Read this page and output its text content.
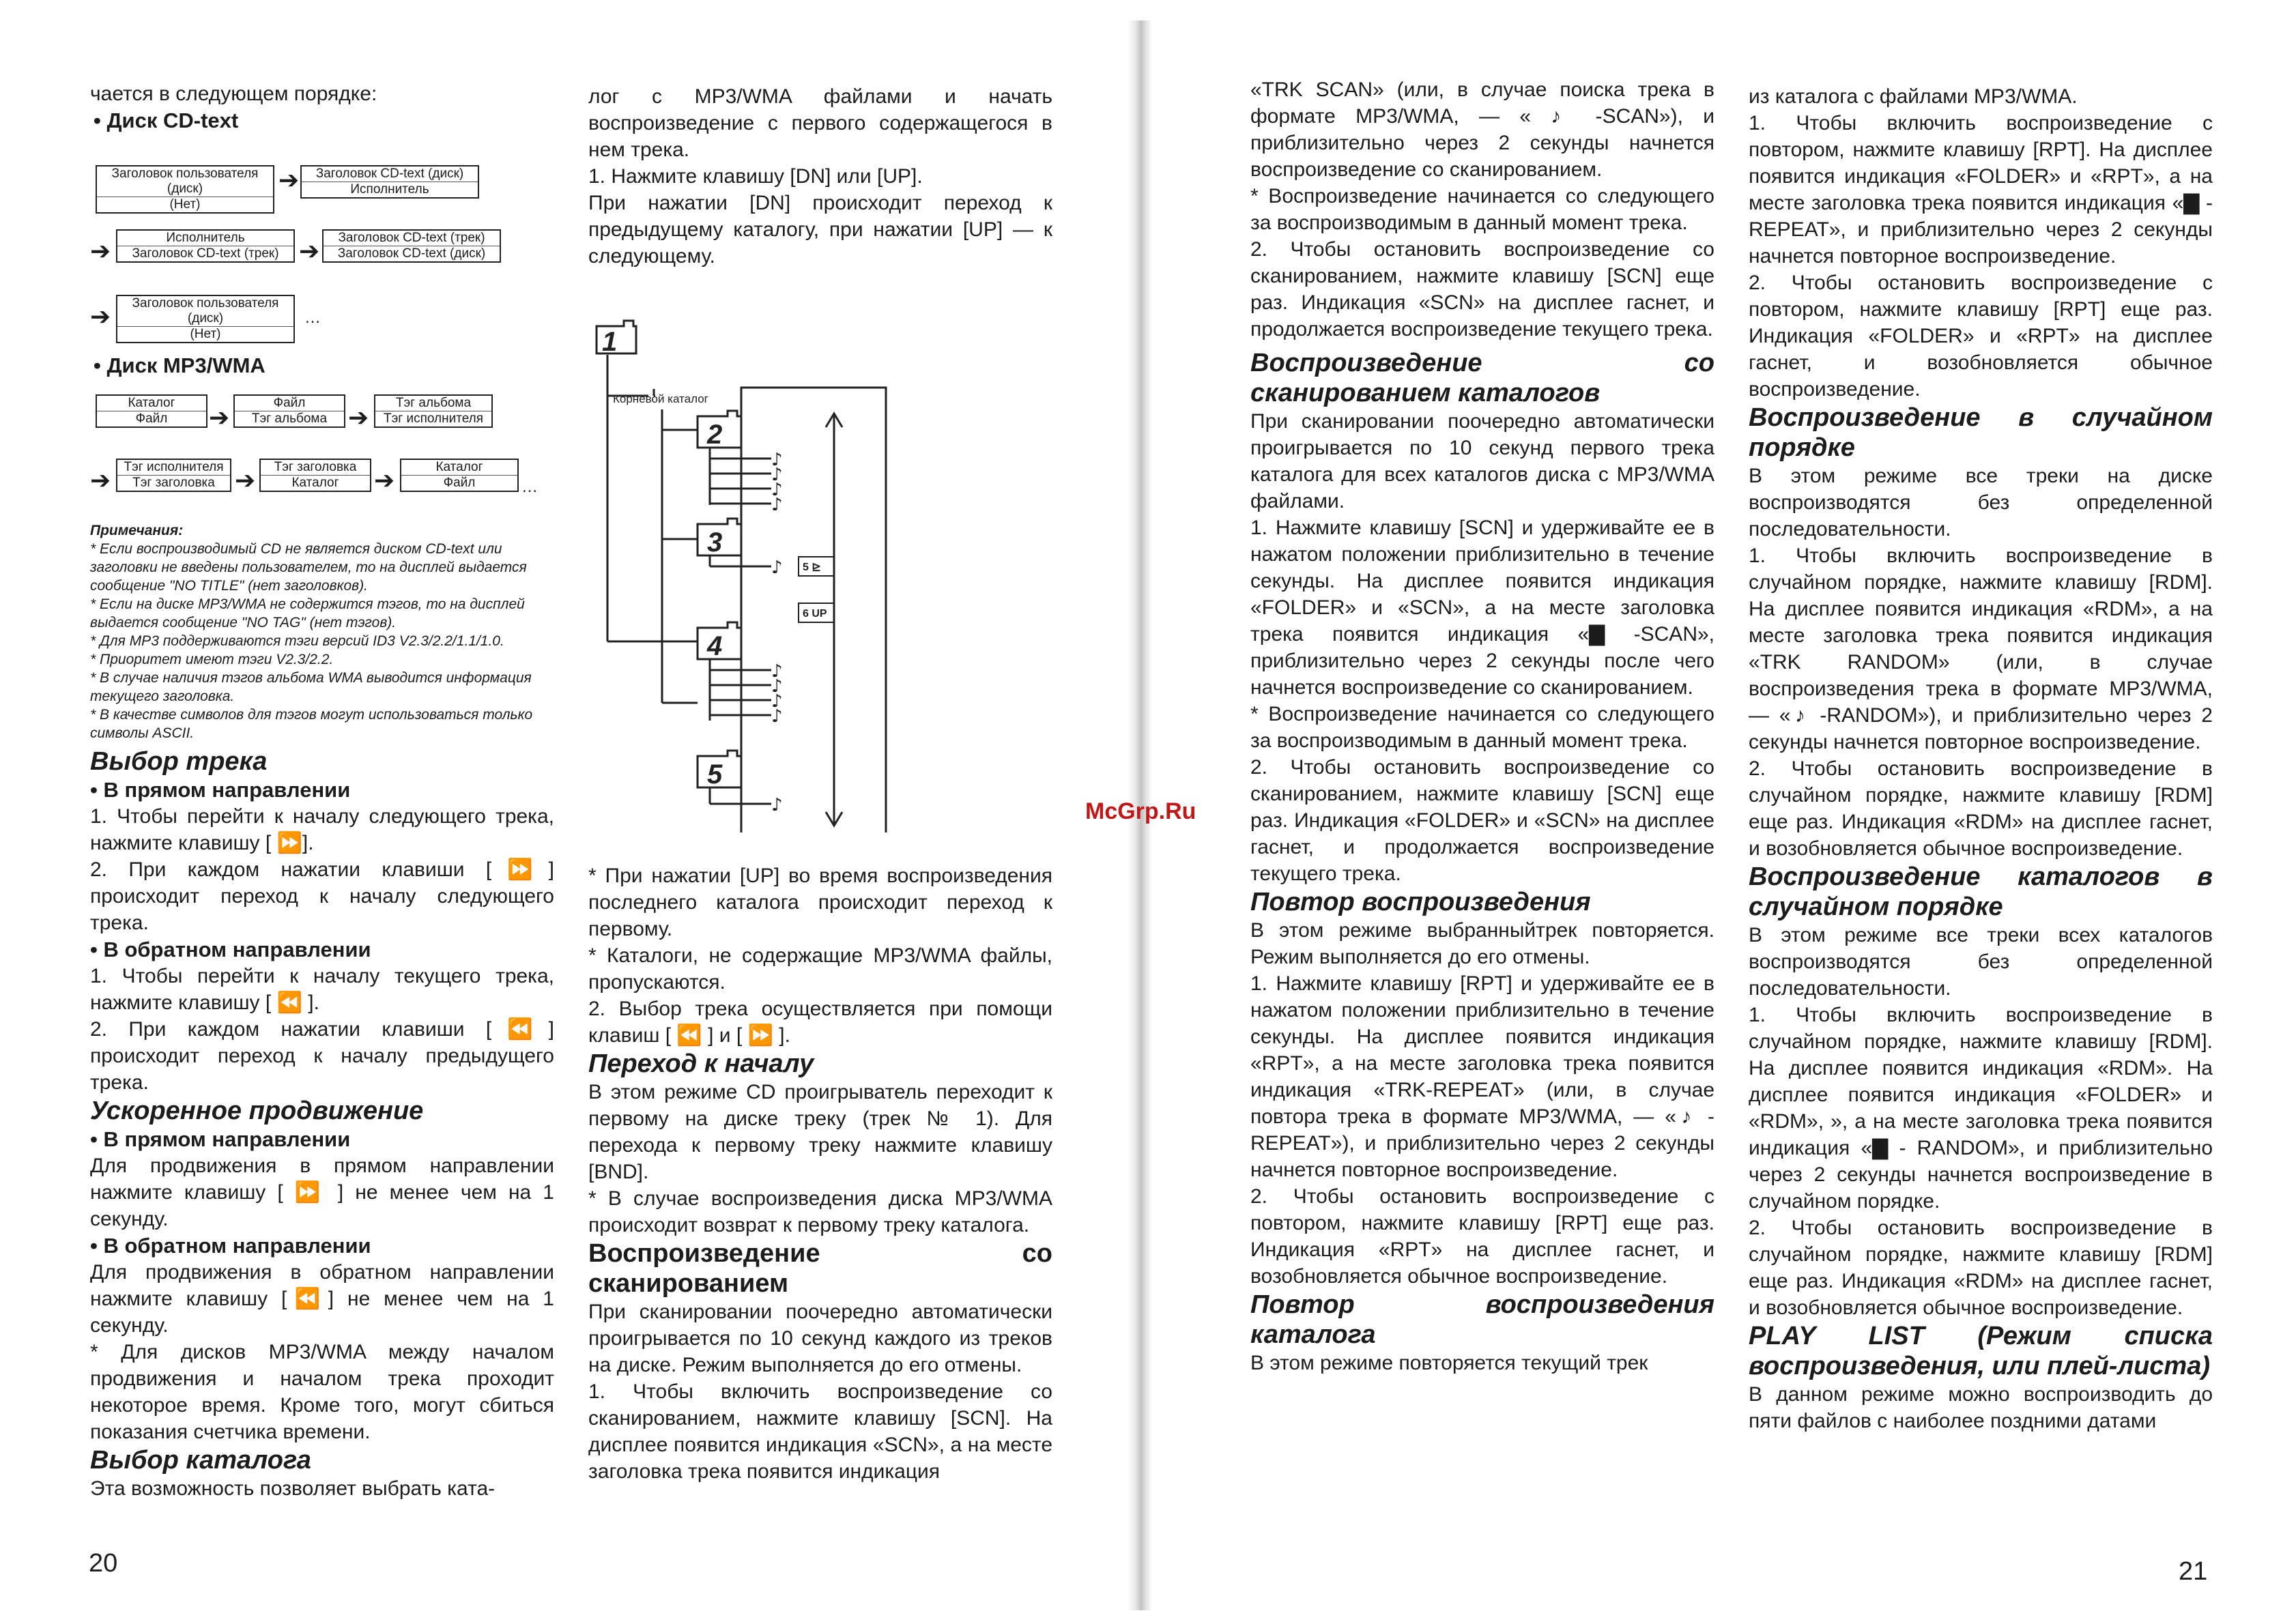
чается в следующем порядке:

• Диск CD-text

Заголовок пользователя (диск)
(Нет)
➔	Заголовок CD-text (диск)
Исполнитель
➔	Исполнитель
Заголовок CD-text (трек) ➔	Заголовок CD-text (трек)
Заголовок CD-text (диск)
➔	Заголовок пользователя (диск)
(Нет)
…

• Диск MP3/WMA

Каталог
Файл	➔
Файл
Тэг альбома ➔
Тэг альбома
Тэг исполнителя
➔	Тэг исполнителя
Тэг заголовка ➔	Тэг заголовка
Каталог	➔	Каталог
Файл	…
Примечания:
* Если воспроизводимый CD не является диском CD-text или заголовки не введены пользователем, то на дисплей выдается сообщение "NO TITLE" (нет заголовков).
* Если на диске MP3/WMA не содержится тэгов, то на дисплей выдается сообщение "NO TAG" (нет тэгов).
* Для MP3 поддерживаются тэги версий ID3 V2.3/2.2/1.1/1.0.
* Приоритет имеют тэги V2.3/2.2.
* В случае наличия тэгов альбома WMA выводится информация текущего заголовка.
* В качестве символов для тэгов могут использоваться только символы ASCII.

Выбор трека

• В прямом направлении

1. Чтобы перейти к началу следующего трека, нажмите клавишу [ ⏩].

2. При каждом нажатии клавиши [⏩] происходит переход к началу следующего трека.

• В обратном направлении

1. Чтобы перейти к началу текущего трека, нажмите клавишу [ ⏪ ].

2. При каждом нажатии клавиши [⏪] происходит переход к началу предыдущего трека.

Ускоренное продвижение

• В прямом направлении

Для продвижения в прямом направлении нажмите клавишу [ ⏩ ] не менее чем на 1 секунду.

• В обратном направлении

Для продвижения в обратном направлении нажмите клавишу [⏪] не менее чем на 1 секунду.

* Для дисков MP3/WMA между началом продвижения и началом трека проходит некоторое время. Кроме того, могут сбиться показания счетчика времени.

Выбор каталога

Эта возможность позволяет выбрать ката-

лог с MP3/WMA файлами и начать воспроизведение с первого содержащегося в нем трека.

1. Нажмите клавишу [DN] или [UP].

При нажатии [DN] происходит переход к предыдущему каталогу, при нажатии [UP] — к следующему.

1
2
3
4
5
Корневой каталог
♪
♪
♪
♪
♪
♪
♪
♪
♪
♪
5 ⊵
6 UP

* При нажатии [UP] во время воспроизведения последнего каталога происходит переход к первому.

* Каталоги, не содержащие MP3/WMA файлы, пропускаются.

2. Выбор трека осуществляется при помощи клавиш [ ⏪ ] и [ ⏩ ].

Переход к началу

В этом режиме CD проигрыватель переходит к первому на диске треку (трек № 1). Для перехода к первому треку нажмите клавишу [BND].

* В случае воспроизведения диска MP3/WMA происходит возврат к первому треку каталога.

Воспроизведение со сканированием

При сканировании поочередно автоматически проигрывается по 10 секунд каждого из треков на диске. Режим выполняется до его отмены.

1. Чтобы включить воспроизведение со сканированием, нажмите клавишу [SCN]. На дисплее появится индикация «SCN», а на месте заголовка трека появится индикация

20
McGrp.Ru

«TRK SCAN» (или, в случае поиска трека в формате MP3/WMA, — « ♪ -SCAN»), и приблизительно через 2 секунды начнется воспроизведение со сканированием.

* Воспроизведение начинается со следующего за воспроизводимым в данный момент трека.

2. Чтобы остановить воспроизведение со сканированием, нажмите клавишу [SCN] еще раз. Индикация «SCN» на дисплее гаснет, и продолжается воспроизведение текущего трека.

Воспроизведение со сканированием каталогов

При сканировании поочередно автоматически проигрывается по 10 секунд первого трека каталога для всех каталогов диска с MP3/WMA файлами.

1. Нажмите клавишу [SCN] и удерживайте ее в нажатом положении приблизительно в течение секунды. На дисплее появится индикация «FOLDER» и «SCN», а на месте заголовка трека появится индикация «▇ -SCAN», приблизительно через 2 секунды после чего начнется воспроизведение со сканированием.

* Воспроизведение начинается со следующего за воспроизводимым в данный момент трека.

2. Чтобы остановить воспроизведение со сканированием, нажмите клавишу [SCN] еще раз. Индикация «FOLDER» и «SCN» на дисплее гаснет, и продолжается воспроизведение текущего трека.

Повтор воспроизведения

В этом режиме выбранныйтрек повторяется. Режим выполняется до его отмены.

1. Нажмите клавишу [RPT] и удерживайте ее в нажатом положении приблизительно в течение секунды. На дисплее появится индикация «RPT», а на месте заголовка трека появится индикация «TRK-REPEAT» (или, в случае повтора трека в формате MP3/WMA, — «♪ -REPEAT»), и приблизительно через 2 секунды начнется повторное воспроизведение.

2. Чтобы остановить воспроизведение с повтором, нажмите клавишу [RPT] еще раз. Индикация «RPT» на дисплее гаснет, и возобновляется обычное воспроизведение.

Повтор воспроизведения каталога

В этом режиме повторяется текущий трек

из каталога с файлами MP3/WMA.

1. Чтобы включить воспроизведение с повтором, нажмите клавишу [RPT]. На дисплее появится индикация «FOLDER» и «RPT», а на месте заголовка трека появится индикация «▇ -REPEAT», и приблизительно через 2 секунды начнется повторное воспроизведение.

2. Чтобы остановить воспроизведение с повтором, нажмите клавишу [RPT] еще раз. Индикация «FOLDER» и «RPT» на дисплее гаснет, и возобновляется обычное воспроизведение.

Воспроизведение в случайном порядке

В этом режиме все треки на диске воспроизводятся без определенной последовательности.

1. Чтобы включить воспроизведение в случайном порядке, нажмите клавишу [RDM]. На дисплее появится индикация «RDM», а на месте заголовка трека появится индикация «TRK RANDOM» (или, в случае воспроизведения трека в формате MP3/WMA, — «♪ -RANDOM»), и приблизительно через 2 секунды начнется повторное воспроизведение.

2. Чтобы остановить воспроизведение в случайном порядке, нажмите клавишу [RDM] еще раз. Индикация «RDM» на дисплее гаснет, и возобновляется обычное воспроизведение.

Воспроизведение каталогов в случайном порядке

В этом режиме все треки всех каталогов воспроизводятся без определенной последовательности.

1. Чтобы включить воспроизведение в случайном порядке, нажмите клавишу [RDM]. На дисплее появится индикация «RDM». На дисплее появится индикация «FOLDER» и «RDM», », а на месте заголовка трека появится индикация «▇ - RANDOM», и приблизительно через 2 секунды начнется воспроизведение в случайном порядке.

2. Чтобы остановить воспроизведение в случайном порядке, нажмите клавишу [RDM] еще раз. Индикация «RDM» на дисплее гаснет, и возобновляется обычное воспроизведение.

PLAY LIST (Режим списка воспроизведения, или плей-листа)

В данном режиме можно воспроизводить до пяти файлов с наиболее поздними датами

21
